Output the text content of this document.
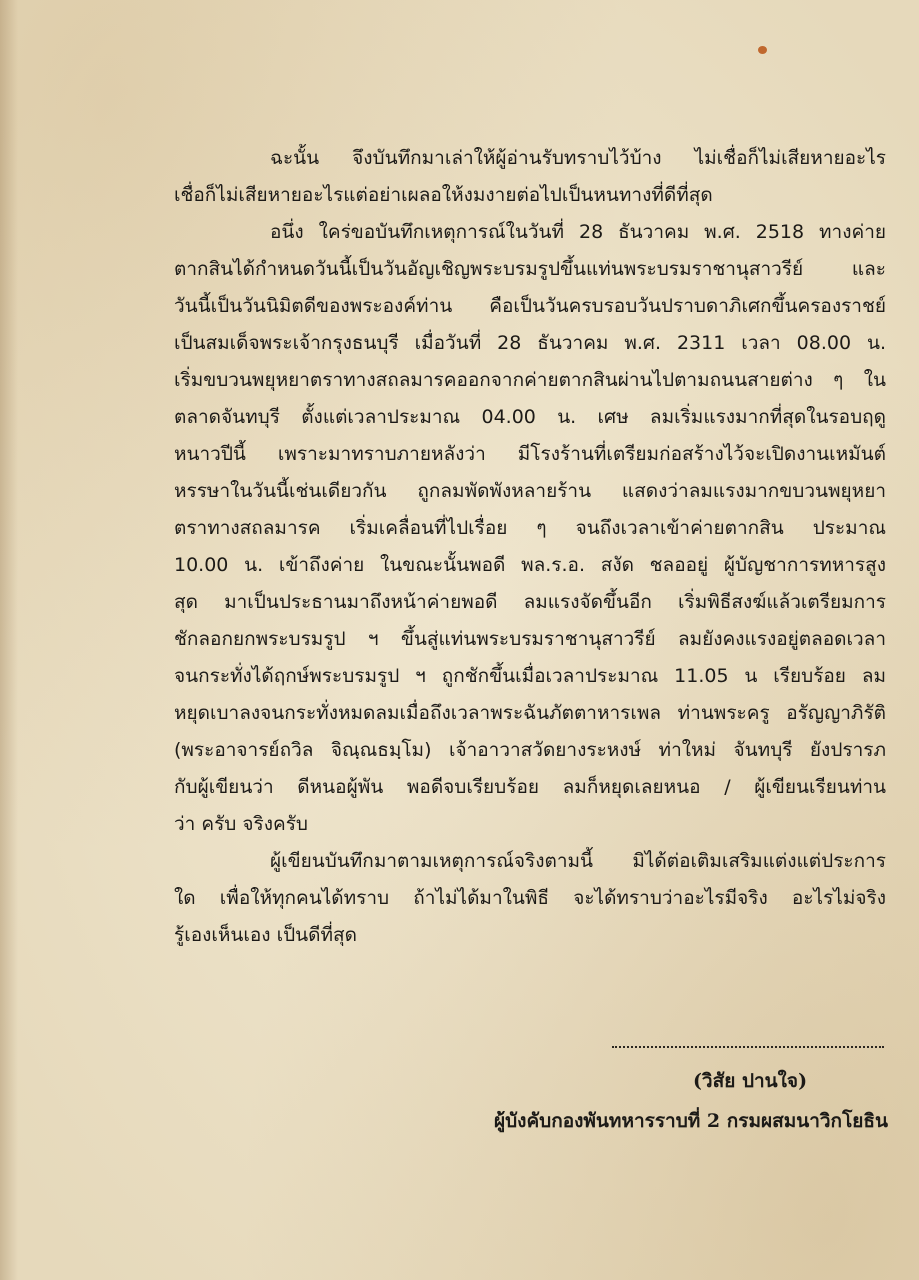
ฉะนั้น จึงบันทึกมาเล่าให้ผู้อ่านรับทราบไว้บ้าง ไม่เชื่อก็ไม่เสียหายอะไร
เชื่อก็ไม่เสียหายอะไรแต่อย่าเผลอให้งมงายต่อไปเป็นหนทางที่ดีที่สุด

อนึ่ง ใคร่ขอบันทึกเหตุการณ์ในวันที่ 28 ธันวาคม พ.ศ. 2518 ทางค่าย
ตากสินได้กำหนดวันนี้เป็นวันอัญเชิญพระบรมรูปขึ้นแท่นพระบรมราชานุสาวรีย์ และ
วันนี้เป็นวันนิมิตดีของพระองค์ท่าน คือเป็นวันครบรอบวันปราบดาภิเศกขึ้นครองราชย์
เป็นสมเด็จพระเจ้ากรุงธนบุรี เมื่อวันที่ 28 ธันวาคม พ.ศ. 2311 เวลา 08.00 น.
เริ่มขบวนพยุหยาตราทางสถลมารคออกจากค่ายตากสินผ่านไปตามถนนสายต่าง ๆ ใน
ตลาดจันทบุรี ตั้งแต่เวลาประมาณ 04.00 น. เศษ ลมเริ่มแรงมากที่สุดในรอบฤดู
หนาวปีนี้ เพราะมาทราบภายหลังว่า มีโรงร้านที่เตรียมก่อสร้างไว้จะเปิดงานเหมันต์
หรรษาในวันนี้เช่นเดียวกัน ถูกลมพัดพังหลายร้าน แสดงว่าลมแรงมากขบวนพยุหยา
ตราทางสถลมารค เริ่มเคลื่อนที่ไปเรื่อย ๆ จนถึงเวลาเข้าค่ายตากสิน ประมาณ
10.00 น. เข้าถึงค่าย ในขณะนั้นพอดี พล.ร.อ. สงัด ชลออยู่ ผู้บัญชาการทหารสูง
สุด มาเป็นประธานมาถึงหน้าค่ายพอดี ลมแรงจัดขึ้นอีก เริ่มพิธีสงฆ์แล้วเตรียมการ
ชักลอกยกพระบรมรูป ฯ ขึ้นสู่แท่นพระบรมราชานุสาวรีย์ ลมยังคงแรงอยู่ตลอดเวลา
จนกระทั่งได้ฤกษ์พระบรมรูป ฯ ถูกชักขึ้นเมื่อเวลาประมาณ 11.05 น เรียบร้อย ลม
หยุดเบาลงจนกระทั่งหมดลมเมื่อถึงเวลาพระฉันภัตตาหารเพล ท่านพระครู อรัญญาภิรัติ
(พระอาจารย์ถวิล จิณฺณธมฺโม) เจ้าอาวาสวัดยางระหงษ์ ท่าใหม่ จันทบุรี ยังปรารภ
กับผู้เขียนว่า ดีหนอผู้พัน พอดีจบเรียบร้อย ลมก็หยุดเลยหนอ / ผู้เขียนเรียนท่าน
ว่า ครับ จริงครับ

ผู้เขียนบันทึกมาตามเหตุการณ์จริงตามนี้ มิได้ต่อเติมเสริมแต่งแต่ประการ
ใด เพื่อให้ทุกคนได้ทราบ ถ้าไม่ได้มาในพิธี จะได้ทราบว่าอะไรมีจริง อะไรไม่จริง
รู้เองเห็นเอง เป็นดีที่สุด

(วิสัย ปานใจ)
ผู้บังคับกองพันทหารราบที่ 2 กรมผสมนาวิกโยธิน
